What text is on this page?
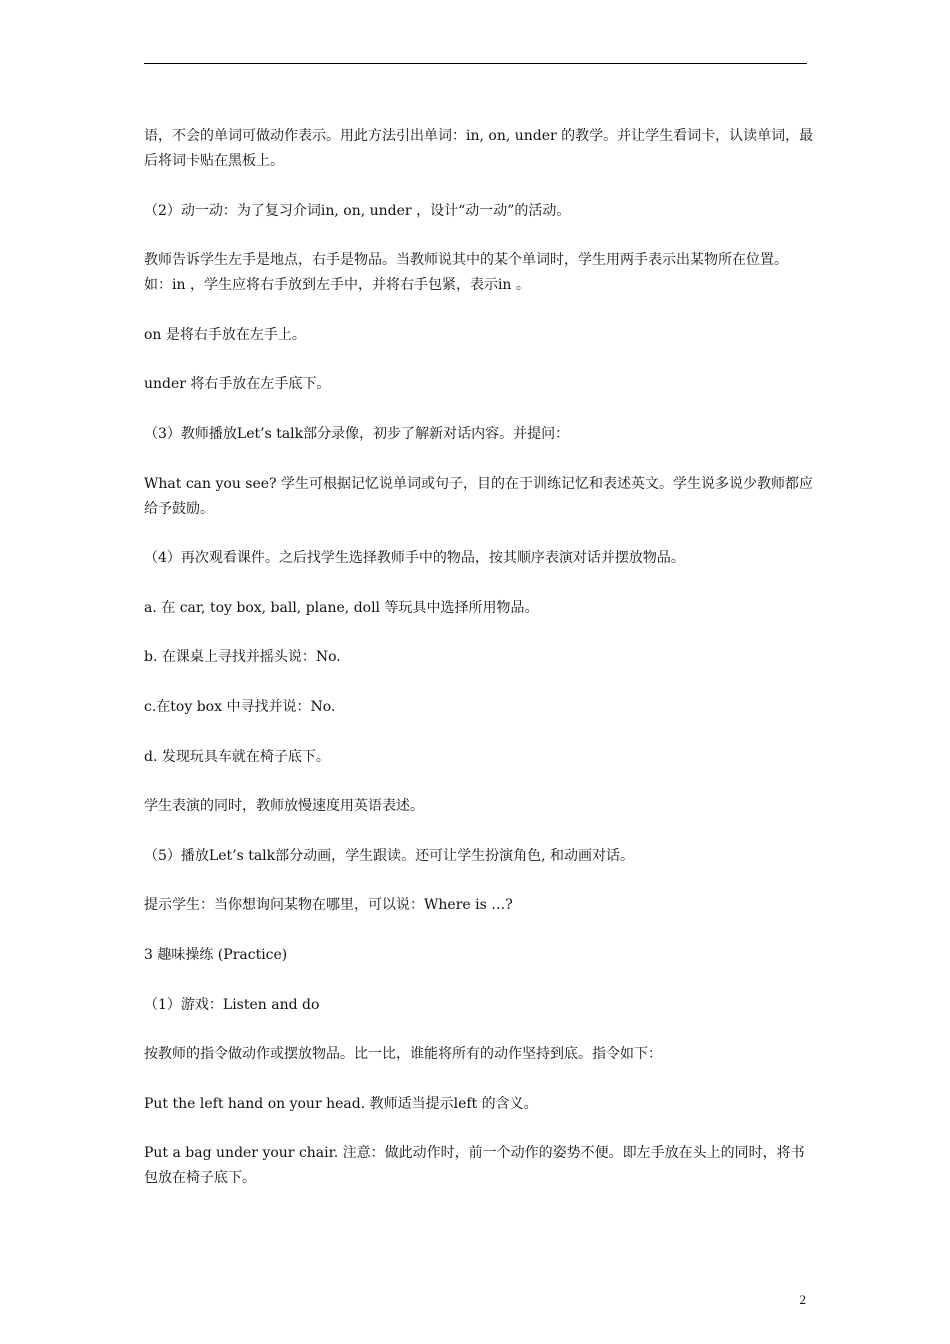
语，不会的单词可做动作表示。用此方法引出单词：in, on, under 的教学。并让学生看词卡，认读单词，最后将词卡贴在黑板上。

（2）动一动：为了复习介词in, on, under ，设计“动一动”的活动。

教师告诉学生左手是地点，右手是物品。当教师说其中的某个单词时，学生用两手表示出某物所在位置。如：in ，学生应将右手放到左手中，并将右手包紧，表示in 。

on 是将右手放在左手上。

under 将右手放在左手底下。

（3）教师播放Let’s talk部分录像，初步了解新对话内容。并提问：

What can you see? 学生可根据记忆说单词或句子，目的在于训练记忆和表述英文。学生说多说少教师都应给予鼓励。

（4）再次观看课件。之后找学生选择教师手中的物品，按其顺序表演对话并摆放物品。

a. 在 car, toy box, ball, plane, doll 等玩具中选择所用物品。

b. 在课桌上寻找并摇头说：No.

c.在toy box 中寻找并说：No.

d. 发现玩具车就在椅子底下。

学生表演的同时，教师放慢速度用英语表述。

（5）播放Let’s talk部分动画，学生跟读。还可让学生扮演角色, 和动画对话。

提示学生：当你想询问某物在哪里，可以说：Where is …?

3 趣味操练 (Practice)

（1）游戏：Listen and do

按教师的指令做动作或摆放物品。比一比，谁能将所有的动作坚持到底。指令如下：

Put the left hand on your head. 教师适当提示left 的含义。

Put a bag under your chair. 注意：做此动作时，前一个动作的姿势不便。即左手放在头上的同时，将书包放在椅子底下。

2
